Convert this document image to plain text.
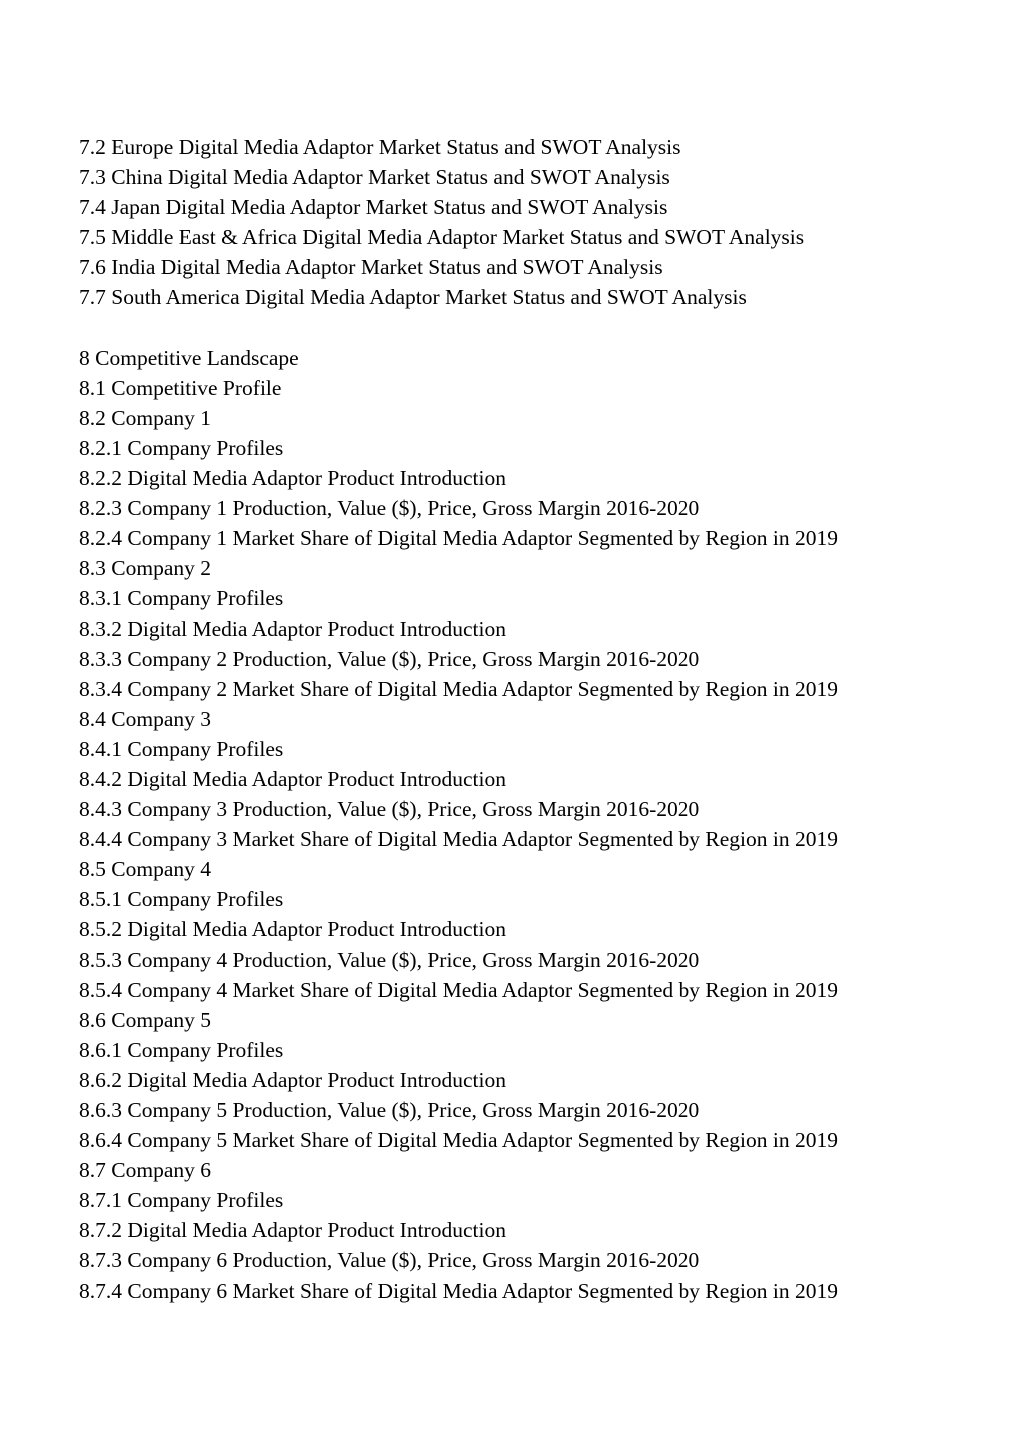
7.2 Europe Digital Media Adaptor Market Status and SWOT Analysis
7.3 China Digital Media Adaptor Market Status and SWOT Analysis
7.4 Japan Digital Media Adaptor Market Status and SWOT Analysis
7.5 Middle East & Africa Digital Media Adaptor Market Status and SWOT Analysis
7.6 India Digital Media Adaptor Market Status and SWOT Analysis
7.7 South America Digital Media Adaptor Market Status and SWOT Analysis
8 Competitive Landscape
8.1 Competitive Profile
8.2 Company 1
8.2.1 Company Profiles
8.2.2 Digital Media Adaptor Product Introduction
8.2.3 Company 1 Production, Value ($), Price, Gross Margin 2016-2020
8.2.4 Company 1 Market Share of Digital Media Adaptor Segmented by Region in 2019
8.3 Company 2
8.3.1 Company Profiles
8.3.2 Digital Media Adaptor Product Introduction
8.3.3 Company 2 Production, Value ($), Price, Gross Margin 2016-2020
8.3.4 Company 2 Market Share of Digital Media Adaptor Segmented by Region in 2019
8.4 Company 3
8.4.1 Company Profiles
8.4.2 Digital Media Adaptor Product Introduction
8.4.3 Company 3 Production, Value ($), Price, Gross Margin 2016-2020
8.4.4 Company 3 Market Share of Digital Media Adaptor Segmented by Region in 2019
8.5 Company 4
8.5.1 Company Profiles
8.5.2 Digital Media Adaptor Product Introduction
8.5.3 Company 4 Production, Value ($), Price, Gross Margin 2016-2020
8.5.4 Company 4 Market Share of Digital Media Adaptor Segmented by Region in 2019
8.6 Company 5
8.6.1 Company Profiles
8.6.2 Digital Media Adaptor Product Introduction
8.6.3 Company 5 Production, Value ($), Price, Gross Margin 2016-2020
8.6.4 Company 5 Market Share of Digital Media Adaptor Segmented by Region in 2019
8.7 Company 6
8.7.1 Company Profiles
8.7.2 Digital Media Adaptor Product Introduction
8.7.3 Company 6 Production, Value ($), Price, Gross Margin 2016-2020
8.7.4 Company 6 Market Share of Digital Media Adaptor Segmented by Region in 2019
